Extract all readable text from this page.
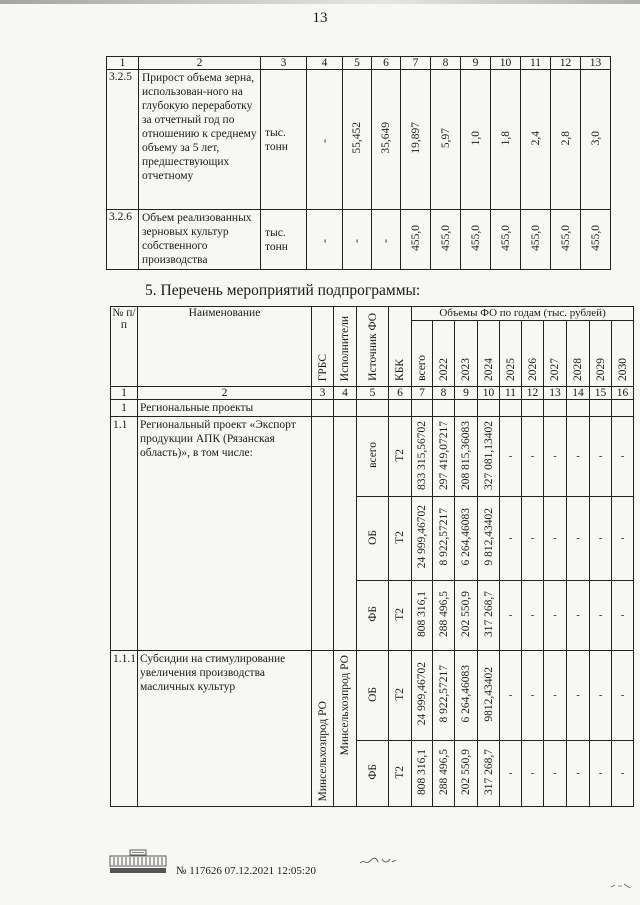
13
1	2	3	4	5	6	7	8	9	10	11	12	13
3.2.5	Прирост объема зерна, использован-ного на глубокую переработку за отчетный год по отношению к среднему объему за 5 лет, предшествующих отчетному	тыс. тонн	-	55,452	35,649	19,897	5,97	1,0	1,8	2,4	2,8	3,0
3.2.6	Объем реализованных зерновых культур собственного производства	тыс. тонн	-	-	-	455,0	455,0	455,0	455,0	455,0	455,0	455,0
5. Перечень мероприятий подпрограммы:
№ п/п	Наименование	ГРБС	Исполнители	Источник ФО	КБК	Объемы ФО по годам (тыс. рублей)									
						всего	2022	2023	2024	2025	2026	2027	2028	2029	2030
1	2	3	4	5	6	7	8	9	10	11	12	13	14	15	16
1	Региональные проекты														
1.1	Региональный проект «Экспорт продукции АПК (Рязанская область)», в том числе:			всего	T2	833 315,56702	297 419,07217	208 815,36083	327 081,13402	-	-	-	-	-	-
				ОБ	T2	24 999,46702	8 922,57217	6 264,46083	9 812,43402	-	-	-	-	-	-
				ФБ	T2	808 316,1	288 496,5	202 550,9	317 268,7	-	-	-	-	-	-
1.1.1	Субсидии на стимулирование увеличения производства масличных культур	Минсельхозпрод РО	Минсельхозпрод РО	ОБ	T2	24 999,46702	8 922,57217	6 264,46083	9812,43402	-	-	-	-	-	-
				ФБ	T2	808 316,1	288 496,5	202 550,9	317 268,7	-	-	-	-	-	-
№ 117626 07.12.2021 12:05:20
